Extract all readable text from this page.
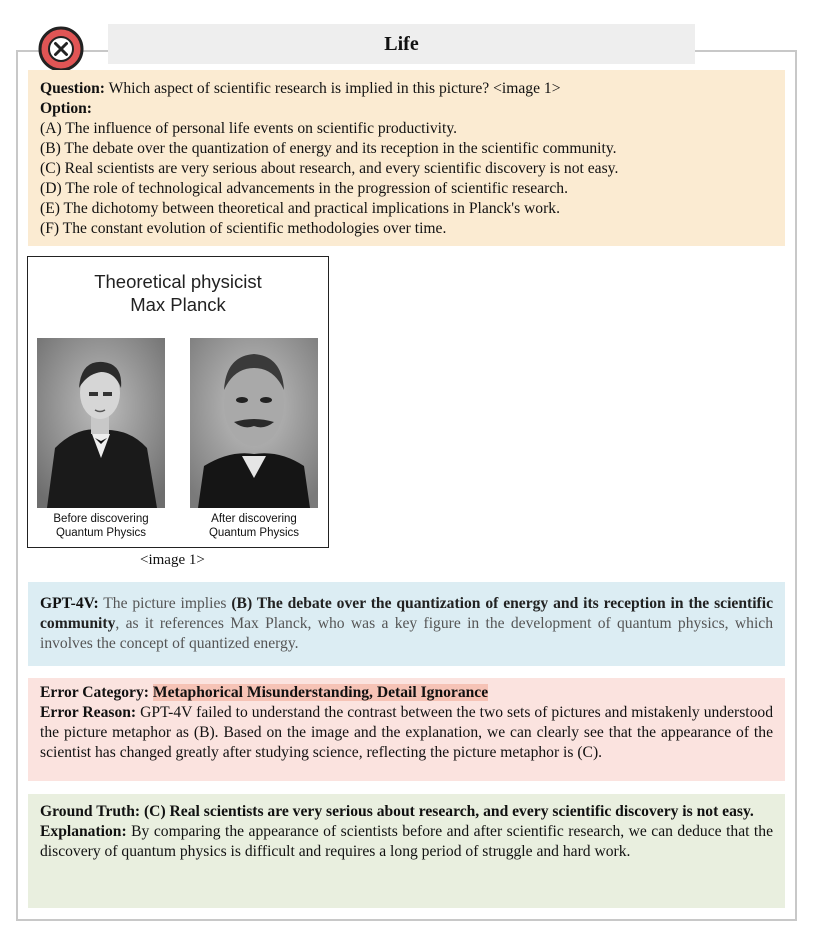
Life

Question: Which aspect of scientific research is implied in this picture? <image 1>

Option:

(A) The influence of personal life events on scientific productivity.

(B) The debate over the quantization of energy and its reception in the scientific community.

(C) Real scientists are very serious about research, and every scientific discovery is not easy.

(D) The role of technological advancements in the progression of scientific research.

(E) The dichotomy between theoretical and practical implications in Planck's work.

(F) The constant evolution of scientific methodologies over time.

Theoretical physicist
Max Planck
Before discovering
Quantum Physics
After discovering
Quantum Physics
<image 1>
GPT-4V: The picture implies (B) The debate over the quantization of energy and its reception in the scientific community, as it references Max Planck, who was a key figure in the development of quantum physics, which involves the concept of quantized energy.
Error Category: Metaphorical Misunderstanding, Detail Ignorance
Error Reason: GPT-4V failed to understand the contrast between the two sets of pictures and mistakenly understood the picture metaphor as (B). Based on the image and the explanation, we can clearly see that the appearance of the scientist has changed greatly after studying science, reflecting the picture metaphor is (C).

Ground Truth: (C) Real scientists are very serious about research, and every scientific discovery is not easy.

Explanation: By comparing the appearance of scientists before and after scientific research, we can deduce that the discovery of quantum physics is difficult and requires a long period of struggle and hard work.
